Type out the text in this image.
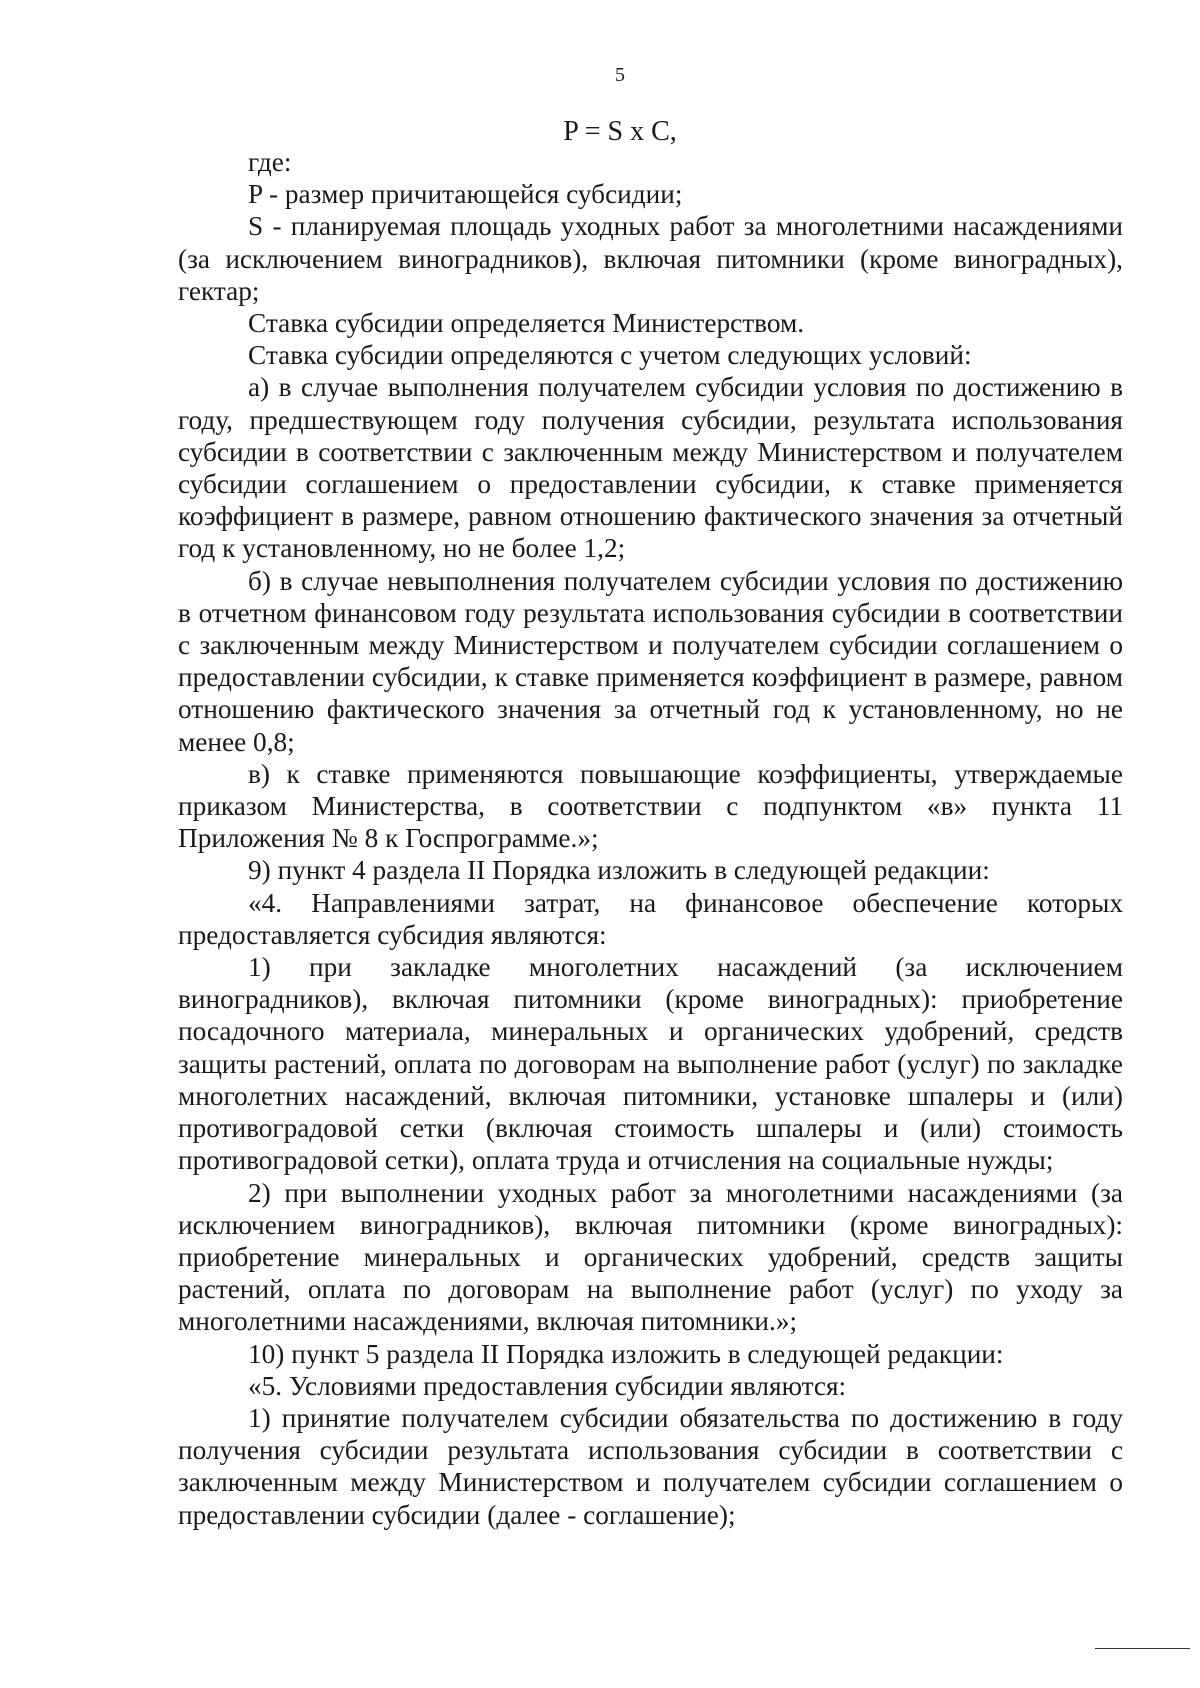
5
P = S x C,

где:

P - размер причитающейся субсидии;

S - планируемая площадь уходных работ за многолетними насаждениями (за исключением виноградников), включая питомники (кроме виноградных), гектар;

Ставка субсидии определяется Министерством.

Ставка субсидии определяются с учетом следующих условий:

а) в случае выполнения получателем субсидии условия по достижению в году, предшествующем году получения субсидии, результата использования субсидии в соответствии с заключенным между Министерством и получателем субсидии соглашением о предоставлении субсидии, к ставке применяется коэффициент в размере, равном отношению фактического значения за отчетный год к установленному, но не более 1,2;

б) в случае невыполнения получателем субсидии условия по достижению в отчетном финансовом году результата использования субсидии в соответствии с заключенным между Министерством и получателем субсидии соглашением о предоставлении субсидии, к ставке применяется коэффициент в размере, равном отношению фактического значения за отчетный год к установленному, но не менее 0,8;

в) к ставке применяются повышающие коэффициенты, утверждаемые приказом Министерства, в соответствии с подпунктом «в» пункта 11 Приложения № 8 к Госпрограмме.»;

9) пункт 4 раздела II Порядка изложить в следующей редакции:

«4. Направлениями затрат, на финансовое обеспечение которых предоставляется субсидия являются:

1) при закладке многолетних насаждений (за исключением виноградников), включая питомники (кроме виноградных): приобретение посадочного материала, минеральных и органических удобрений, средств защиты растений, оплата по договорам на выполнение работ (услуг) по закладке многолетних насаждений, включая питомники, установке шпалеры и (или) противоградовой сетки (включая стоимость шпалеры и (или) стоимость противоградовой сетки), оплата труда и отчисления на социальные нужды;

2) при выполнении уходных работ за многолетними насаждениями (за исключением виноградников), включая питомники (кроме виноградных): приобретение минеральных и органических удобрений, средств защиты растений, оплата по договорам на выполнение работ (услуг) по уходу за многолетними насаждениями, включая питомники.»;

10) пункт 5 раздела II Порядка изложить в следующей редакции:

«5. Условиями предоставления субсидии являются:

1) принятие получателем субсидии обязательства по достижению в году получения субсидии результата использования субсидии в соответствии с заключенным между Министерством и получателем субсидии соглашением о предоставлении субсидии (далее - соглашение);
